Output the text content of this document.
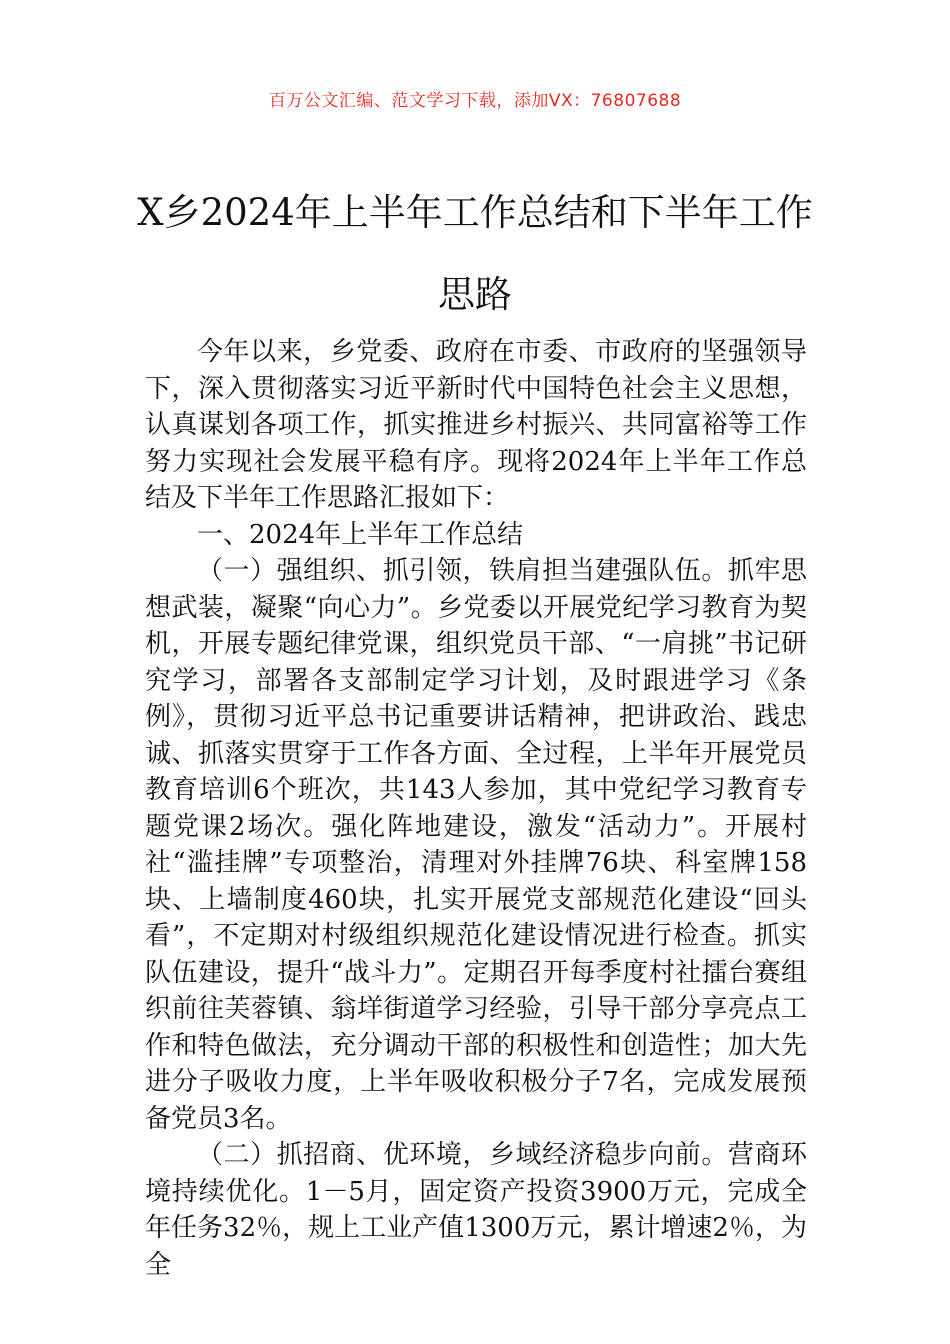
百万公文汇编、范文学习下载，添加VX：76807688
X乡2024年上半年工作总结和下半年工作思路

今年以来，乡党委、政府在市委、市政府的坚强领导下，深入贯彻落实习近平新时代中国特色社会主义思想，认真谋划各项工作，抓实推进乡村振兴、共同富裕等工作努力实现社会发展平稳有序。现将2024年上半年工作总结及下半年工作思路汇报如下：

一、2024年上半年工作总结

（一）强组织、抓引领，铁肩担当建强队伍。抓牢思想武装，凝聚“向心力”。乡党委以开展党纪学习教育为契机，开展专题纪律党课，组织党员干部、“一肩挑”书记研究学习，部署各支部制定学习计划，及时跟进学习《条例》，贯彻习近平总书记重要讲话精神，把讲政治、践忠诚、抓落实贯穿于工作各方面、全过程，上半年开展党员教育培训6个班次，共143人参加，其中党纪学习教育专题党课2场次。强化阵地建设，激发“活动力”。开展村社“滥挂牌”专项整治，清理对外挂牌76块、科室牌158块、上墙制度460块，扎实开展党支部规范化建设“回头看”，不定期对村级组织规范化建设情况进行检查。抓实队伍建设，提升“战斗力”。定期召开每季度村社擂台赛组织前往芙蓉镇、翁垟街道学习经验，引导干部分享亮点工作和特色做法，充分调动干部的积极性和创造性；加大先进分子吸收力度，上半年吸收积极分子7名，完成发展预备党员3名。

（二）抓招商、优环境，乡域经济稳步向前。营商环境持续优化。1－5月，固定资产投资3900万元，完成全年任务32％，规上工业产值1300万元，累计增速2％，为全
